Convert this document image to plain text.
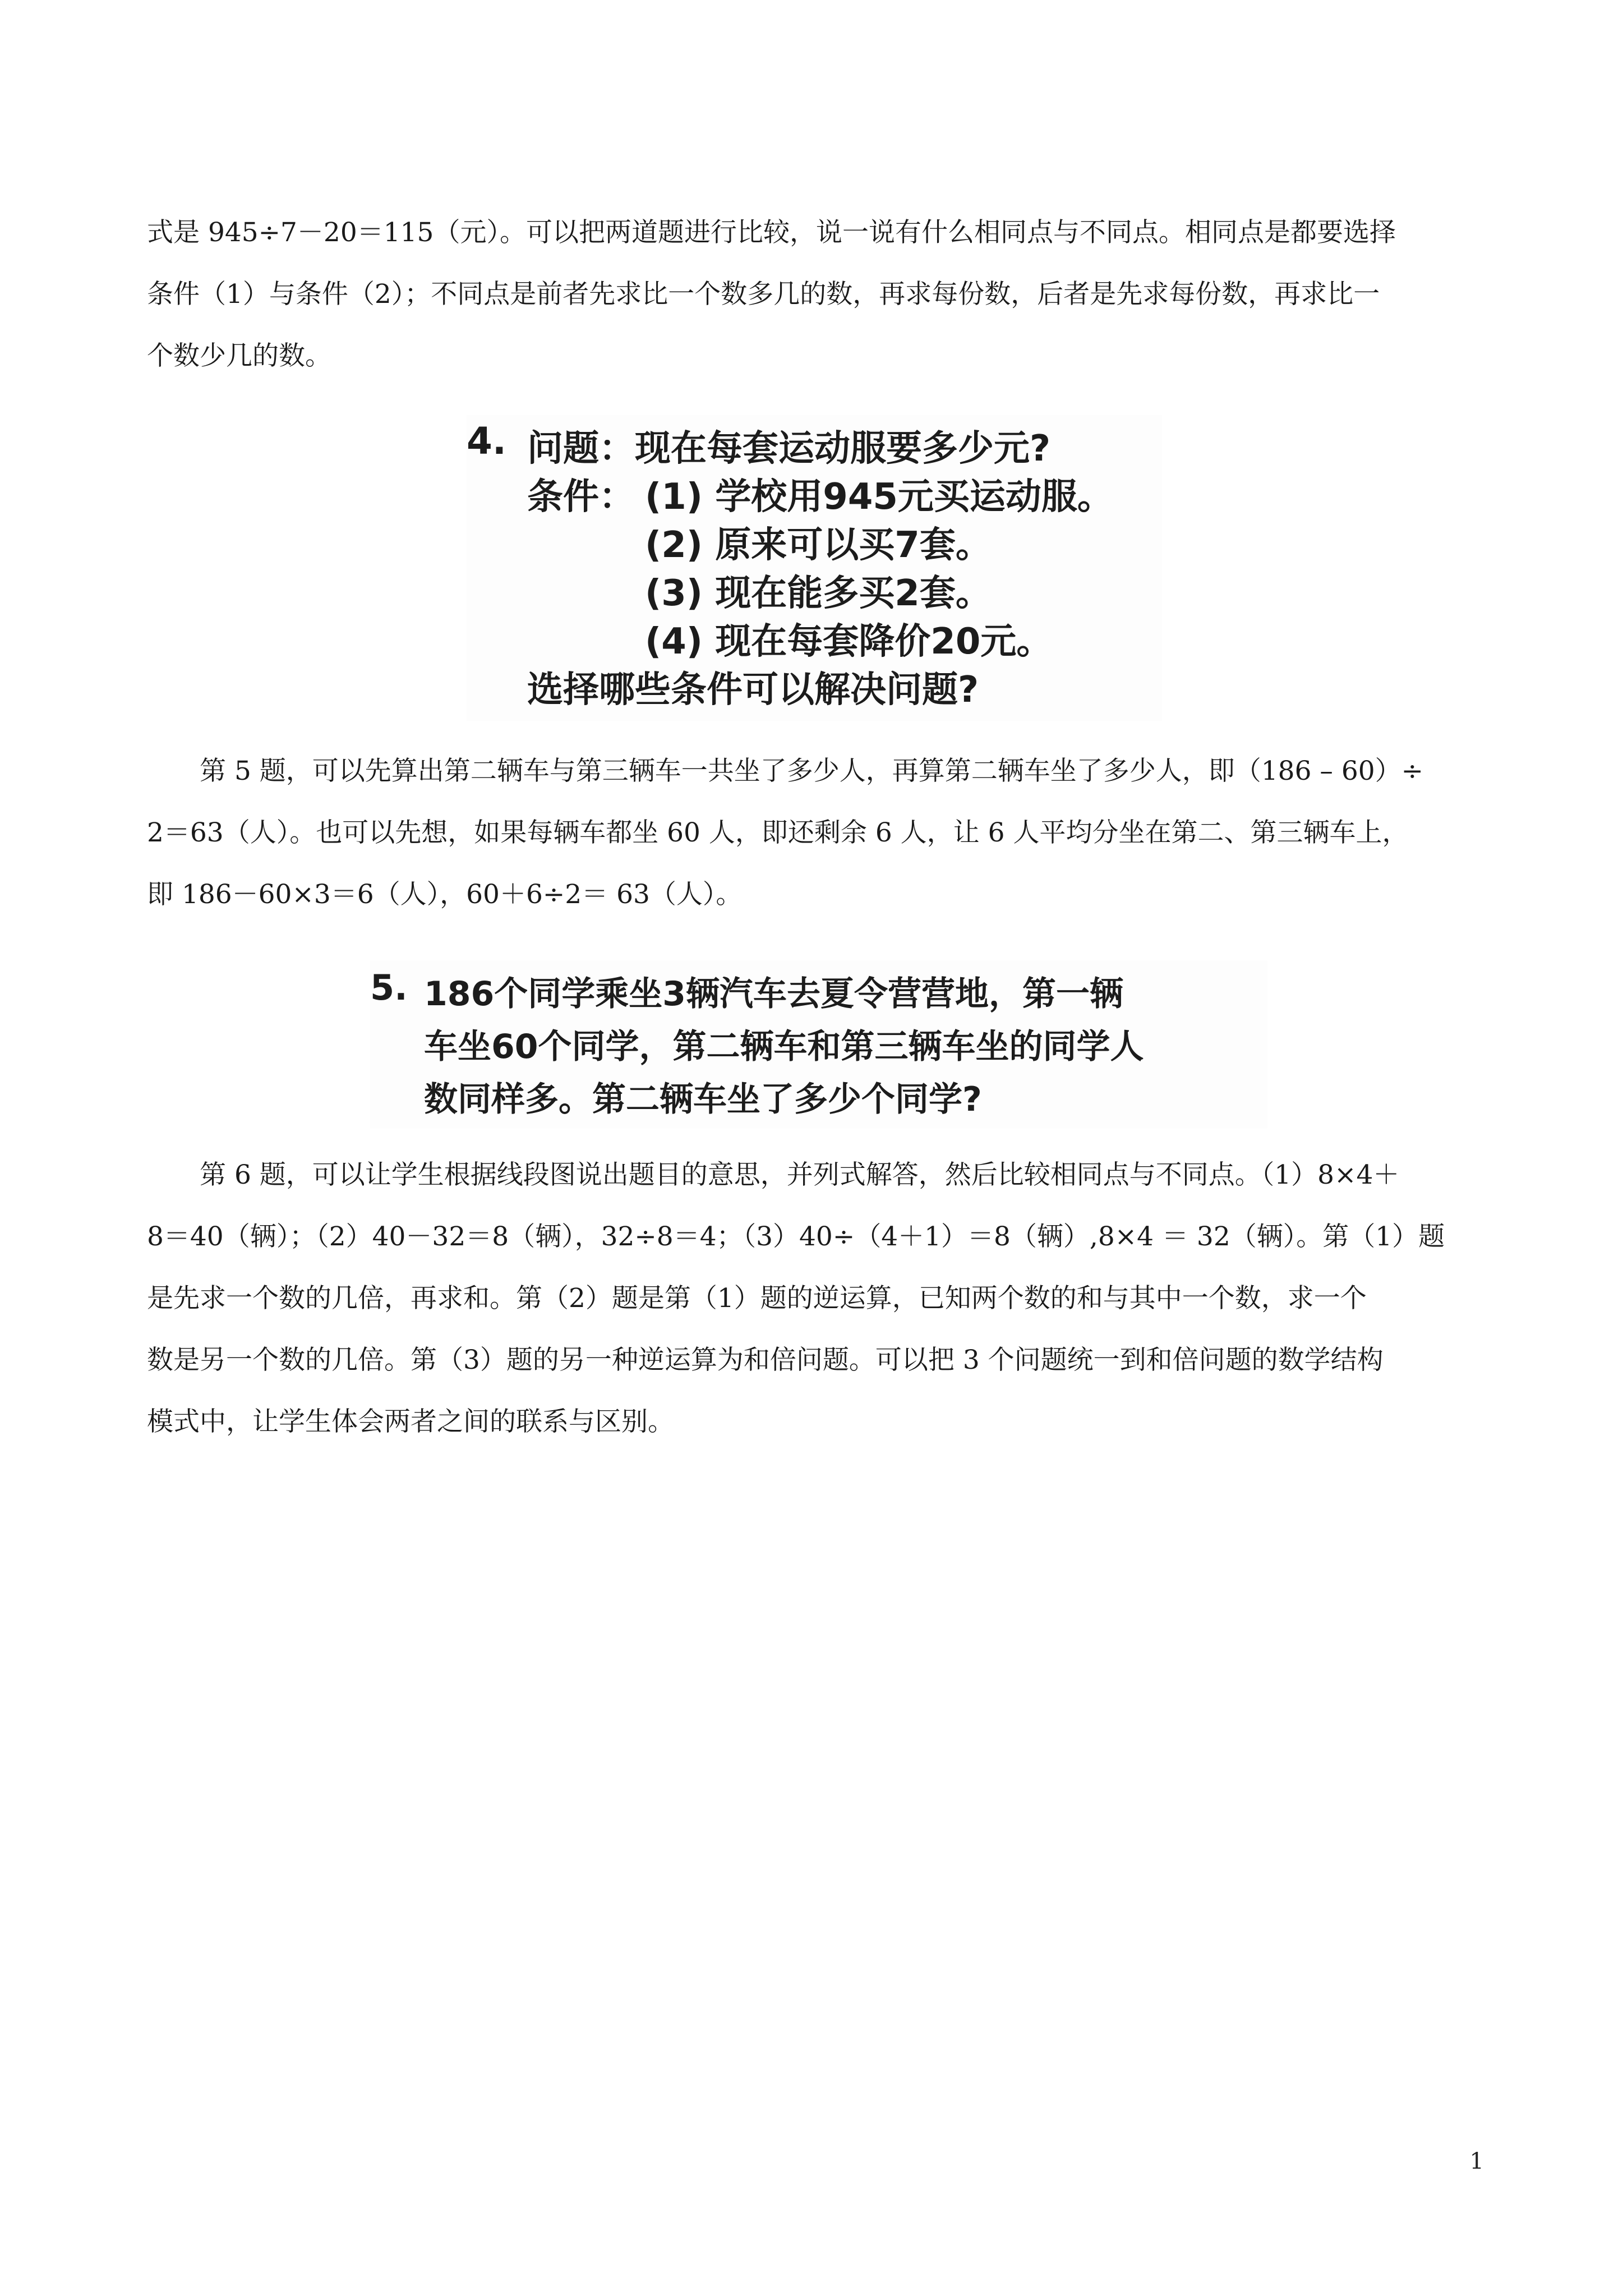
式是 945÷7－20＝115（元）。可以把两道题进行比较，说一说有什么相同点与不同点。相同点是都要选择
条件（1）与条件（2）；不同点是前者先求比一个数多几的数，再求每份数，后者是先求每份数，再求比一
个数少几的数。
4. 问题：现在每套运动服要多少元?
条件： (1) 学校用945元买运动服。
(2) 原来可以买7套。
(3) 现在能多买2套。
(4) 现在每套降价20元。
选择哪些条件可以解决问题?
第 5 题，可以先算出第二辆车与第三辆车一共坐了多少人，再算第二辆车坐了多少人，即（186 – 60）÷
2＝63（人）。也可以先想，如果每辆车都坐 60 人，即还剩余 6 人，让 6 人平均分坐在第二、第三辆车上，
即 186－60×3＝6（人），60＋6÷2＝ 63（人）。
5. 186个同学乘坐3辆汽车去夏令营营地，第一辆
车坐60个同学，第二辆车和第三辆车坐的同学人
数同样多。第二辆车坐了多少个同学?
第 6 题，可以让学生根据线段图说出题目的意思，并列式解答，然后比较相同点与不同点。（1）8×4＋
8＝40（辆）；（2）40－32＝8（辆），32÷8＝4；（3）40÷（4＋1）＝8（辆）,8×4 ＝ 32（辆）。第（1）题
是先求一个数的几倍，再求和。第（2）题是第（1）题的逆运算，已知两个数的和与其中一个数，求一个
数是另一个数的几倍。第（3）题的另一种逆运算为和倍问题。可以把 3 个问题统一到和倍问题的数学结构
模式中，让学生体会两者之间的联系与区别。
1
